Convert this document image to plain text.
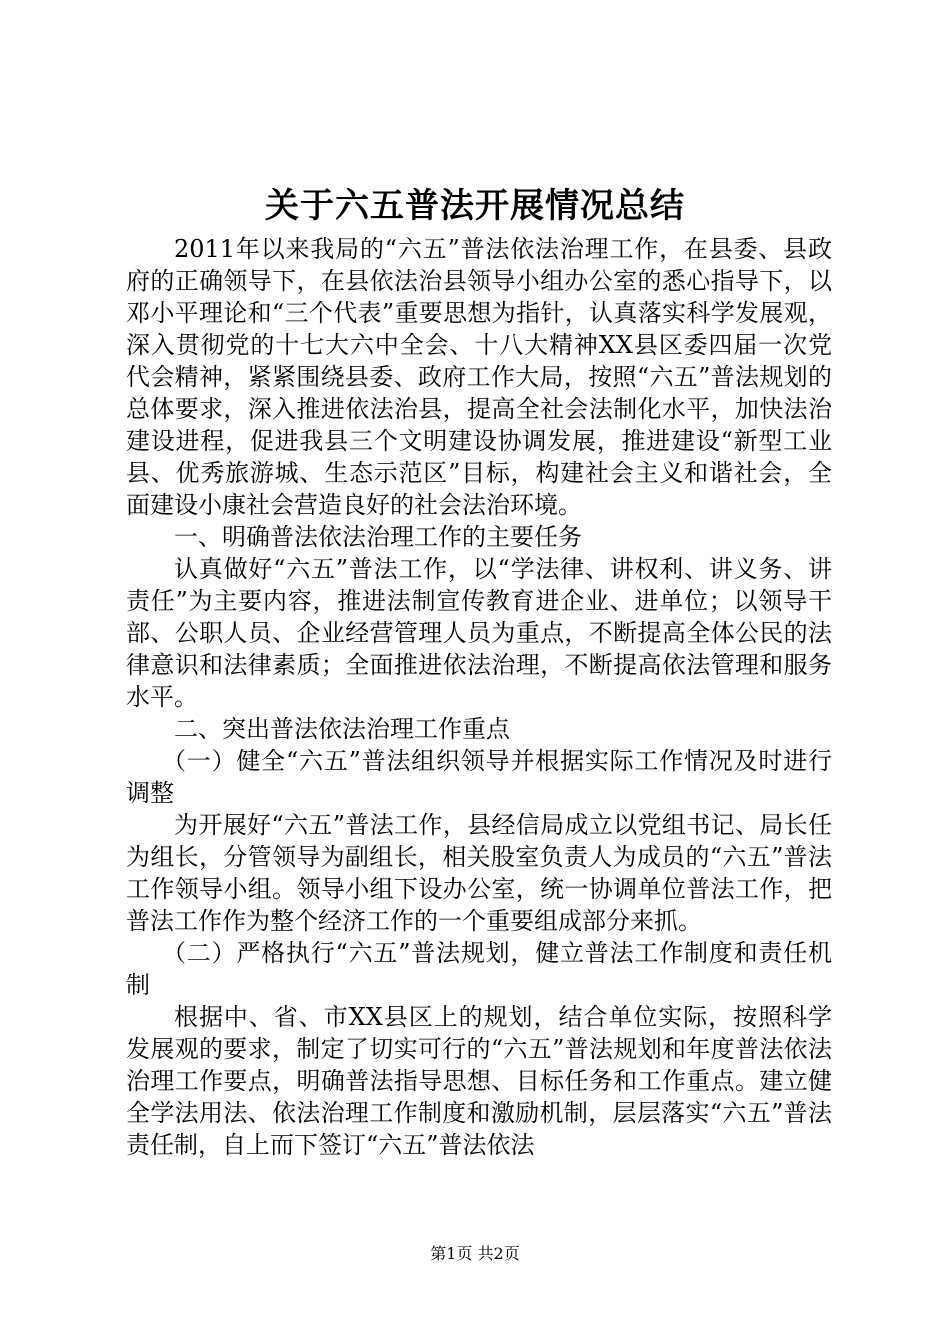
关于六五普法开展情况总结

2011年以来我局的“六五”普法依法治理工作，在县委、县政府的正确领导下，在县依法治县领导小组办公室的悉心指导下，以邓小平理论和“三个代表”重要思想为指针，认真落实科学发展观，深入贯彻党的十七大六中全会、十八大精神XX县区委四届一次党代会精神，紧紧围绕县委、政府工作大局，按照“六五”普法规划的总体要求，深入推进依法治县，提高全社会法制化水平，加快法治建设进程，促进我县三个文明建设协调发展，推进建设“新型工业县、优秀旅游城、生态示范区”目标，构建社会主义和谐社会，全面建设小康社会营造良好的社会法治环境。

一、明确普法依法治理工作的主要任务

认真做好“六五”普法工作，以“学法律、讲权利、讲义务、讲责任”为主要内容，推进法制宣传教育进企业、进单位；以领导干部、公职人员、企业经营管理人员为重点，不断提高全体公民的法律意识和法律素质；全面推进依法治理，不断提高依法管理和服务水平。

二、突出普法依法治理工作重点

（一）健全“六五”普法组织领导并根据实际工作情况及时进行调整

为开展好“六五”普法工作，县经信局成立以党组书记、局长任为组长，分管领导为副组长，相关股室负责人为成员的“六五”普法工作领导小组。领导小组下设办公室，统一协调单位普法工作，把普法工作作为整个经济工作的一个重要组成部分来抓。

（二）严格执行“六五”普法规划，健立普法工作制度和责任机制

根据中、省、市XX县区上的规划，结合单位实际，按照科学发展观的要求，制定了切实可行的“六五”普法规划和年度普法依法治理工作要点，明确普法指导思想、目标任务和工作重点。建立健全学法用法、依法治理工作制度和激励机制，层层落实“六五”普法责任制，自上而下签订“六五”普法依法

第1页 共2页
